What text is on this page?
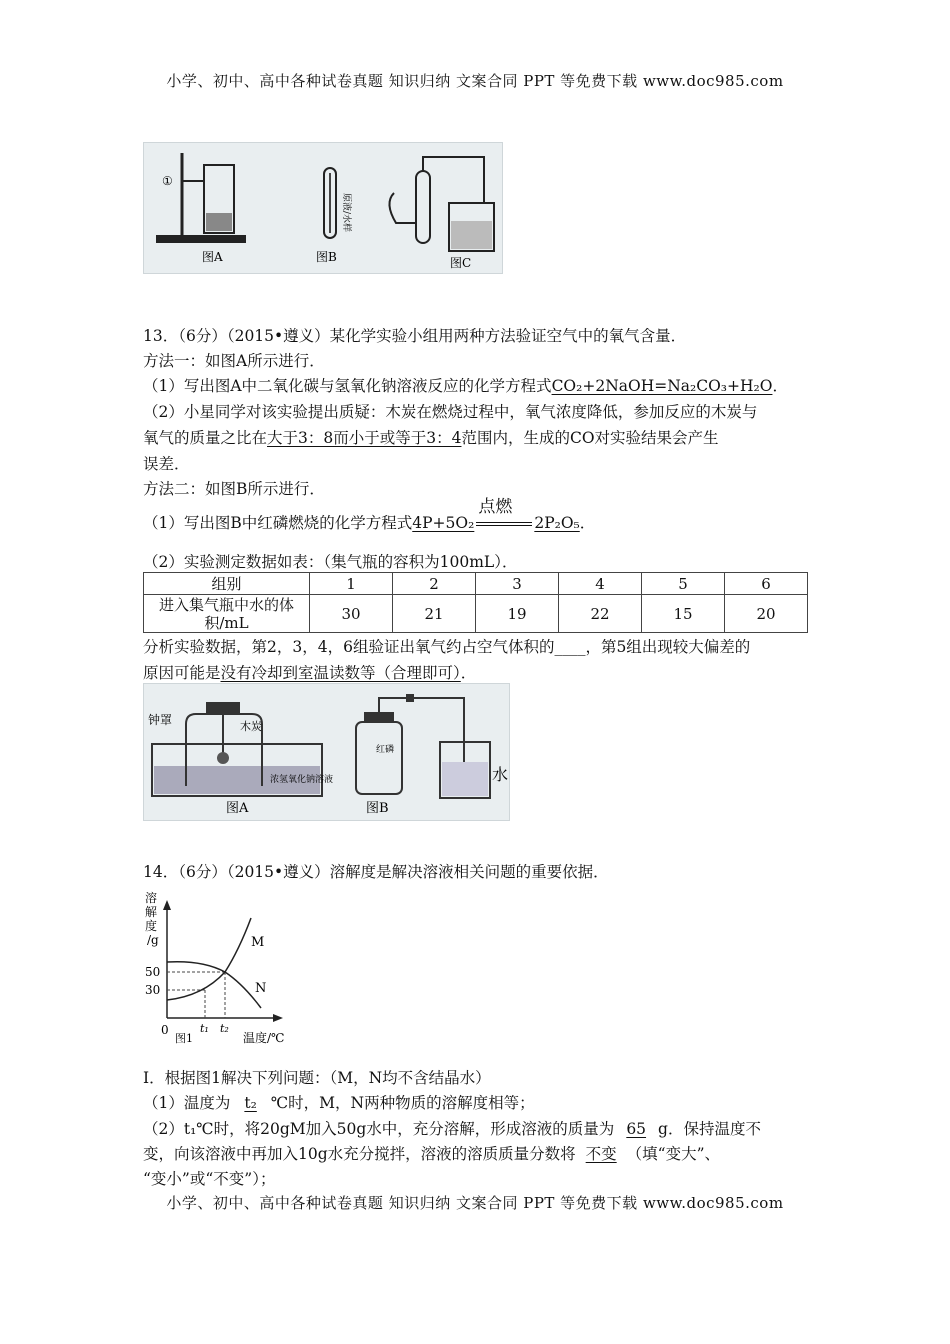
小学、初中、高中各种试卷真题 知识归纳 文案合同 PPT 等免费下载 www.doc985.com
①
图A
原液/水样
图B	图C
13．（6分）（2015•遵义）某化学实验小组用两种方法验证空气中的氧气含量．
方法一：如图A所示进行．
（1）写出图A中二氧化碳与氢氧化钠溶液反应的化学方程式CO₂+2NaOH=Na₂CO₃+H₂O．
（2）小星同学对该实验提出质疑：木炭在燃烧过程中，氧气浓度降低，参加反应的木炭与
氧气的质量之比在大于3：8而小于或等于3：4范围内，生成的CO对实验结果会产生
误差．
方法二：如图B所示进行．
（1）写出图B中红磷燃烧的化学方程式4P+5O₂
点燃
2P₂O₅．
（2）实验测定数据如表：（集气瓶的容积为100mL）．
组别	1	2	3	4	5	6
进入集气瓶中水的体积/mL	30	21	19	22	15	20
分析实验数据，第2，3，4，6组验证出氧气约占空气体积的____，第5组出现较大偏差的
原因可能是没有冷却到室温读数等（合理即可）．
钟罩	木炭
浓氢氧化钠溶液
图A
红磷
水
图B
14．（6分）（2015•遵义）溶解度是解决溶液相关问题的重要依据．
溶
解
度
/g	M
N
50
30
0	t₁ t₂
图1	温度/℃
Ⅰ．根据图1解决下列问题：（M，N均不含结晶水）
（1）温度为 t₂ ℃时，M，N两种物质的溶解度相等；
（2）t₁℃时，将20gM加入50g水中，充分溶解，形成溶液的质量为 65 g．保持温度不
变，向该溶液中再加入10g水充分搅拌，溶液的溶质质量分数将 不变 （填“变大”、
“变小”或“不变”）；
小学、初中、高中各种试卷真题 知识归纳 文案合同 PPT 等免费下载 www.doc985.com
